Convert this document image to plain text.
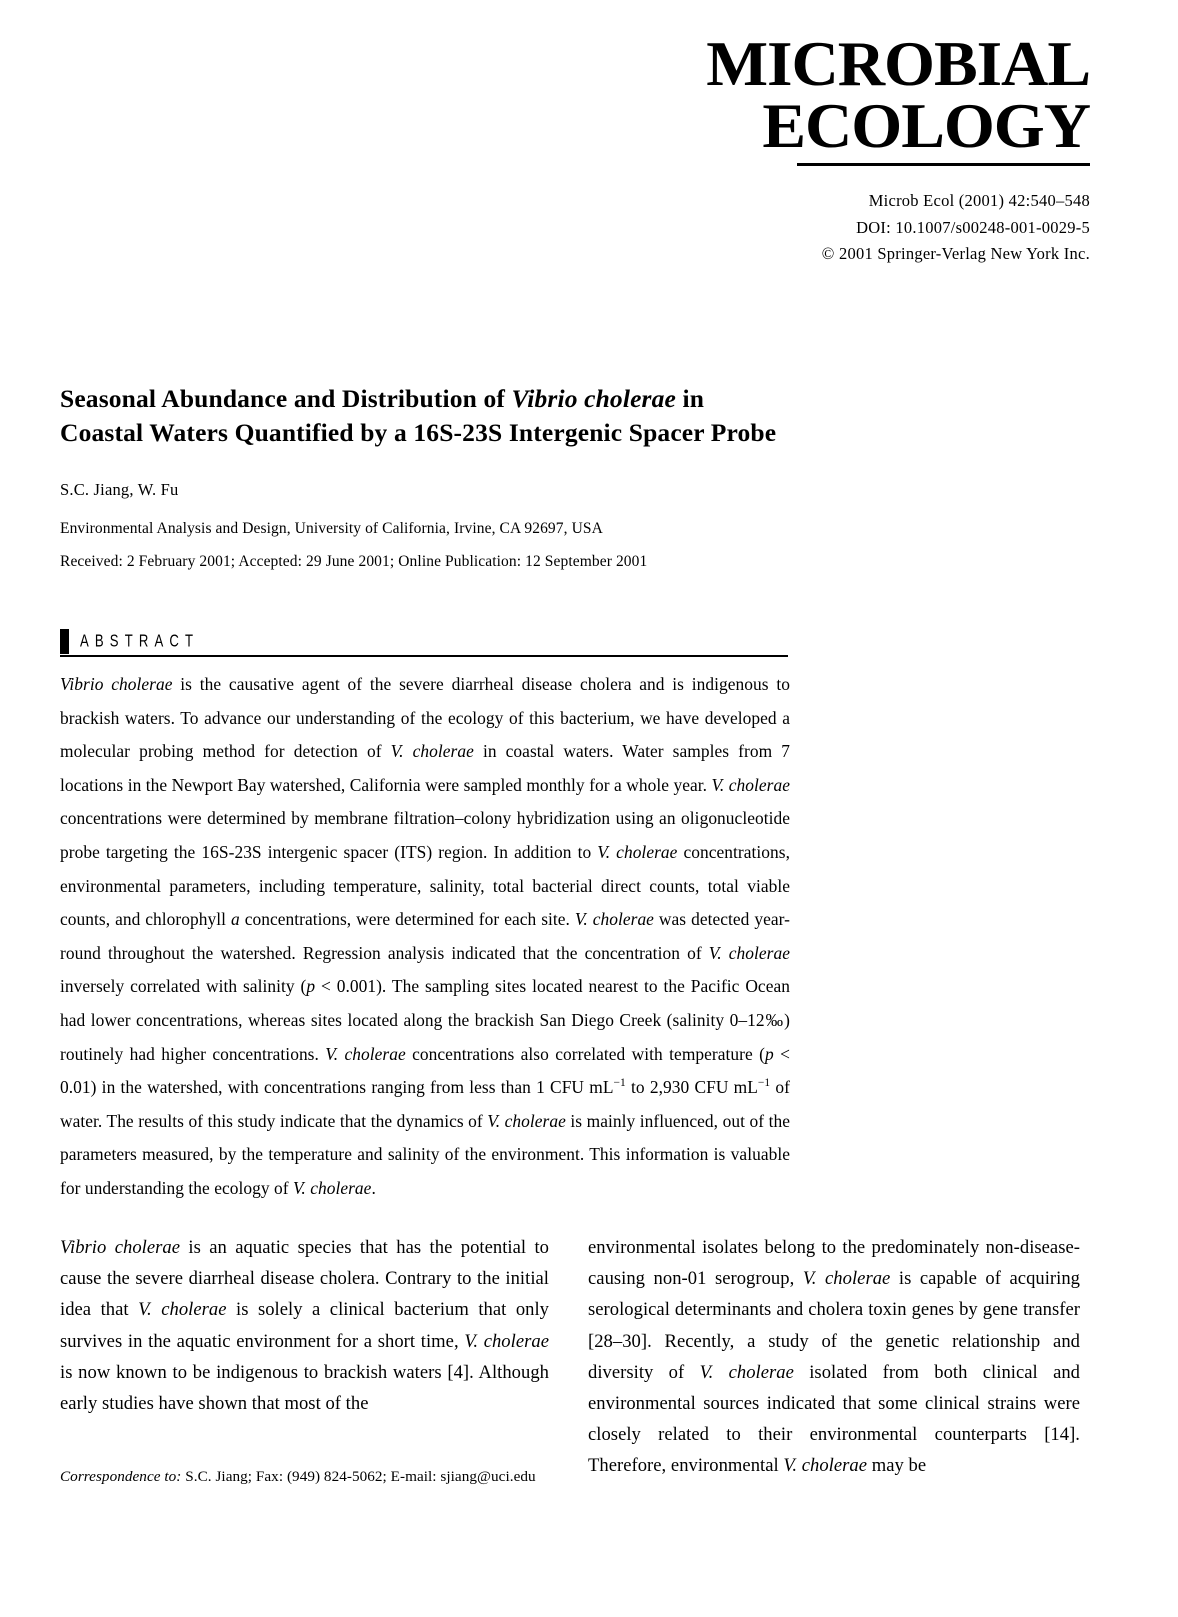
MICROBIAL
ECOLOGY
Microb Ecol (2001) 42:540–548
DOI: 10.1007/s00248-001-0029-5
© 2001 Springer-Verlag New York Inc.
Seasonal Abundance and Distribution of Vibrio cholerae in
Coastal Waters Quantified by a 16S-23S Intergenic Spacer Probe
S.C. Jiang, W. Fu
Environmental Analysis and Design, University of California, Irvine, CA 92697, USA
Received: 2 February 2001; Accepted: 29 June 2001; Online Publication: 12 September 2001
ABSTRACT
Vibrio cholerae is the causative agent of the severe diarrheal disease cholera and is indigenous to brackish waters. To advance our understanding of the ecology of this bacterium, we have developed a molecular probing method for detection of V. cholerae in coastal waters. Water samples from 7 locations in the Newport Bay watershed, California were sampled monthly for a whole year. V. cholerae concentrations were determined by membrane filtration–colony hybridization using an oligonucleotide probe targeting the 16S-23S intergenic spacer (ITS) region. In addition to V. cholerae concentrations, environmental parameters, including temperature, salinity, total bacterial direct counts, total viable counts, and chlorophyll a concentrations, were determined for each site. V. cholerae was detected year-round throughout the watershed. Regression analysis indicated that the concentration of V. cholerae inversely correlated with salinity (p < 0.001). The sampling sites located nearest to the Pacific Ocean had lower concentrations, whereas sites located along the brackish San Diego Creek (salinity 0–12‰) routinely had higher concentrations. V. cholerae concentrations also correlated with temperature (p < 0.01) in the watershed, with concentrations ranging from less than 1 CFU $mL^{-1}$ to 2,930 CFU $mL^{-1}$ of water. The results of this study indicate that the dynamics of V. cholerae is mainly influenced, out of the parameters measured, by the temperature and salinity of the environment. This information is valuable for understanding the ecology of V. cholerae.
Vibrio cholerae is an aquatic species that has the potential to cause the severe diarrheal disease cholera. Contrary to the initial idea that V. cholerae is solely a clinical bacterium that only survives in the aquatic environment for a short time, V. cholerae is now known to be indigenous to brackish waters [4]. Although early studies have shown that most of the
environmental isolates belong to the predominately non-disease-causing non-01 serogroup, V. cholerae is capable of acquiring serological determinants and cholera toxin genes by gene transfer [28–30]. Recently, a study of the genetic relationship and diversity of V. cholerae isolated from both clinical and environmental sources indicated that some clinical strains were closely related to their environmental counterparts [14]. Therefore, environmental V. cholerae may be
Correspondence to: S.C. Jiang; Fax: (949) 824-5062; E-mail: sjiang@uci.edu
